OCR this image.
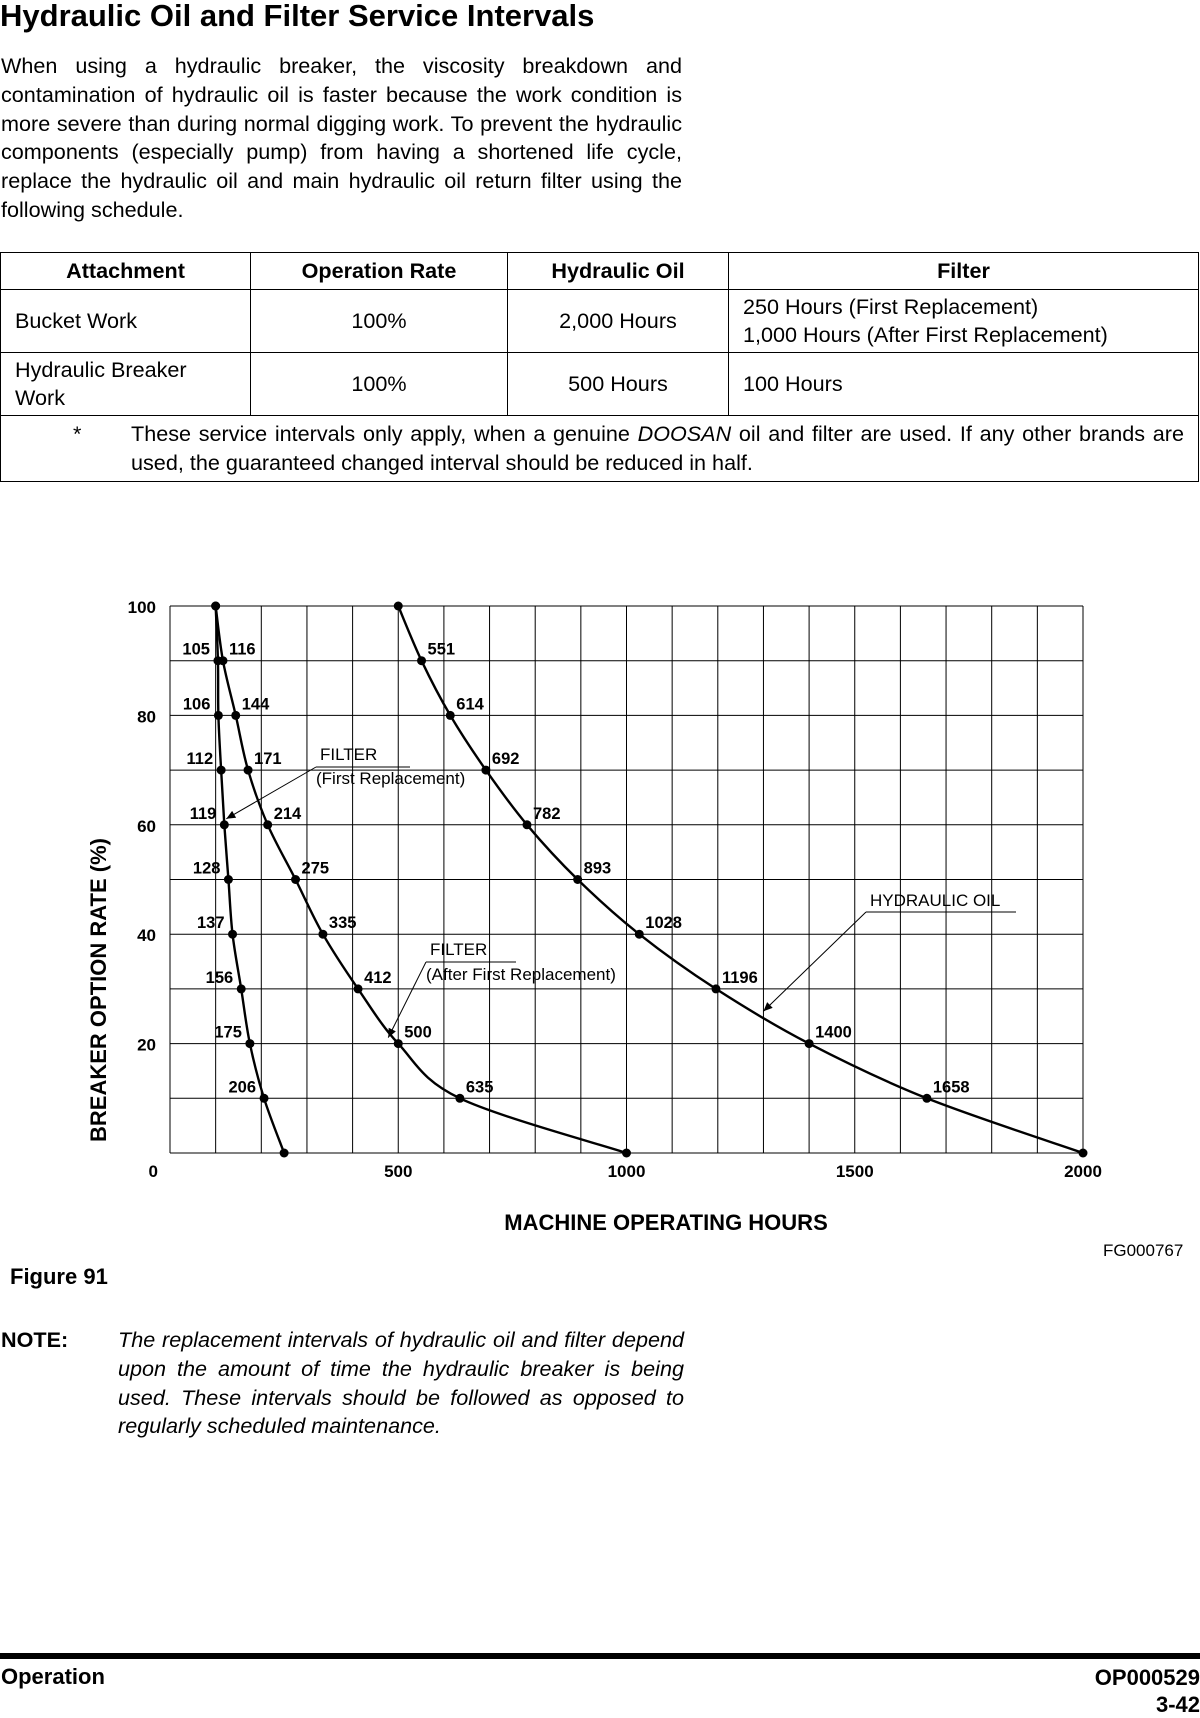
Hydraulic Oil and Filter Service Intervals

When using a hydraulic breaker, the viscosity breakdown and contamination of hydraulic oil is faster because the work condition is more severe than during normal digging work. To prevent the hydraulic components (especially pump) from having a shortened life cycle, replace the hydraulic oil and main hydraulic oil return filter using the following schedule.

Attachment	Operation Rate	Hydraulic Oil	Filter
Bucket Work	100%	2,000 Hours	250 Hours (First Replacement)
1,000 Hours (After First Replacement)

Hydraulic Breaker
Work	100%	500 Hours	100 Hours

* These service intervals only apply, when a genuine DOOSAN oil and filter are used. If any other brands are used, the guaranteed changed interval should be reduced in half.			
105
106
112
119
128
137
156
175
206
116
144
171
214
275
335
412
500
635
551
614
692
782
893
1028
1196
1400
1658
20
40
60
80
100
0	500	1000	1500	2000
FILTER
(First Replacement)
FILTER
(After First Replacement)
HYDRAULIC OIL
MACHINE OPERATING HOURS
BREAKER OPTION RATE (%)
FG000767
Figure 91
NOTE: The replacement intervals of hydraulic oil and filter depend upon the amount of time the hydraulic breaker is being used. These intervals should be followed as opposed to regularly scheduled maintenance.
Operation	OP000529
3-42
